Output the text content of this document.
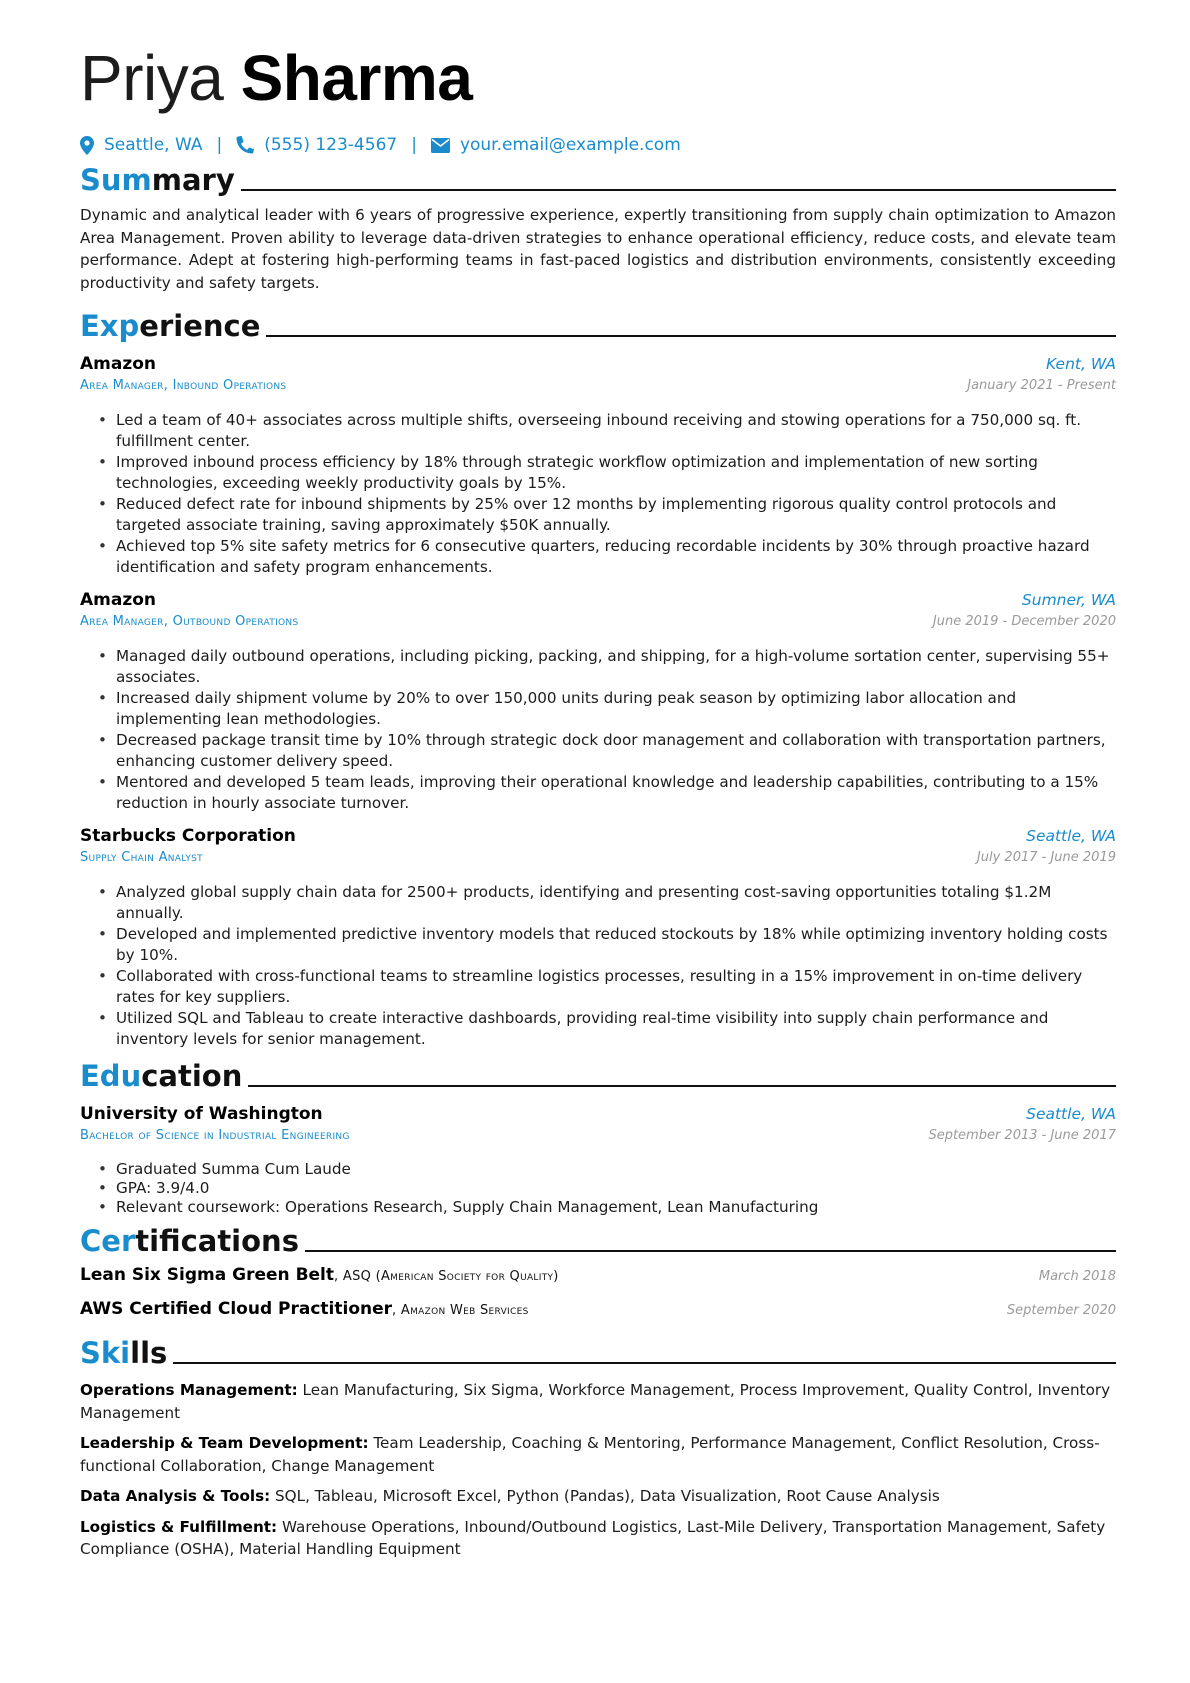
Priya Sharma
Seattle, WA | (555) 123-4567 |	your.email@example.com
Summary
Dynamic and analytical leader with 6 years of progressive experience, expertly transitioning from supply chain optimization to Amazon Area Management. Proven ability to leverage data-driven strategies to enhance operational efficiency, reduce costs, and elevate team performance. Adept at fostering high-performing teams in fast-paced logistics and distribution environments, consistently exceeding productivity and safety targets.
Experience
Amazon	Kent, WA
Area Manager, Inbound Operations	January 2021 - Present
• Led a team of 40+ associates across multiple shifts, overseeing inbound receiving and stowing operations for a 750,000 sq. ft. fulfillment center.
• Improved inbound process efficiency by 18% through strategic workflow optimization and implementation of new sorting technologies, exceeding weekly productivity goals by 15%.
• Reduced defect rate for inbound shipments by 25% over 12 months by implementing rigorous quality control protocols and targeted associate training, saving approximately $50K annually.
• Achieved top 5% site safety metrics for 6 consecutive quarters, reducing recordable incidents by 30% through proactive hazard identification and safety program enhancements.
Amazon	Sumner, WA
Area Manager, Outbound Operations	June 2019 - December 2020
• Managed daily outbound operations, including picking, packing, and shipping, for a high-volume sortation center, supervising 55+ associates.
• Increased daily shipment volume by 20% to over 150,000 units during peak season by optimizing labor allocation and implementing lean methodologies.
• Decreased package transit time by 10% through strategic dock door management and collaboration with transportation partners, enhancing customer delivery speed.
• Mentored and developed 5 team leads, improving their operational knowledge and leadership capabilities, contributing to a 15% reduction in hourly associate turnover.
Starbucks Corporation	Seattle, WA
Supply Chain Analyst	July 2017 - June 2019
• Analyzed global supply chain data for 2500+ products, identifying and presenting cost-saving opportunities totaling $1.2M annually.
• Developed and implemented predictive inventory models that reduced stockouts by 18% while optimizing inventory holding costs by 10%.
• Collaborated with cross-functional teams to streamline logistics processes, resulting in a 15% improvement in on-time delivery rates for key suppliers.
• Utilized SQL and Tableau to create interactive dashboards, providing real-time visibility into supply chain performance and inventory levels for senior management.
Education
University of Washington	Seattle, WA
Bachelor of Science in Industrial Engineering	September 2013 - June 2017
• Graduated Summa Cum Laude
• GPA: 3.9/4.0
• Relevant coursework: Operations Research, Supply Chain Management, Lean Manufacturing
Certifications
Lean Six Sigma Green Belt, ASQ (American Society for Quality)	March 2018
AWS Certified Cloud Practitioner, Amazon Web Services	September 2020
Skills
Operations Management: Lean Manufacturing, Six Sigma, Workforce Management, Process Improvement, Quality Control, Inventory Management
Leadership & Team Development: Team Leadership, Coaching & Mentoring, Performance Management, Conflict Resolution, Cross-functional Collaboration, Change Management
Data Analysis & Tools: SQL, Tableau, Microsoft Excel, Python (Pandas), Data Visualization, Root Cause Analysis
Logistics & Fulfillment: Warehouse Operations, Inbound/Outbound Logistics, Last-Mile Delivery, Transportation Management, Safety Compliance (OSHA), Material Handling Equipment
